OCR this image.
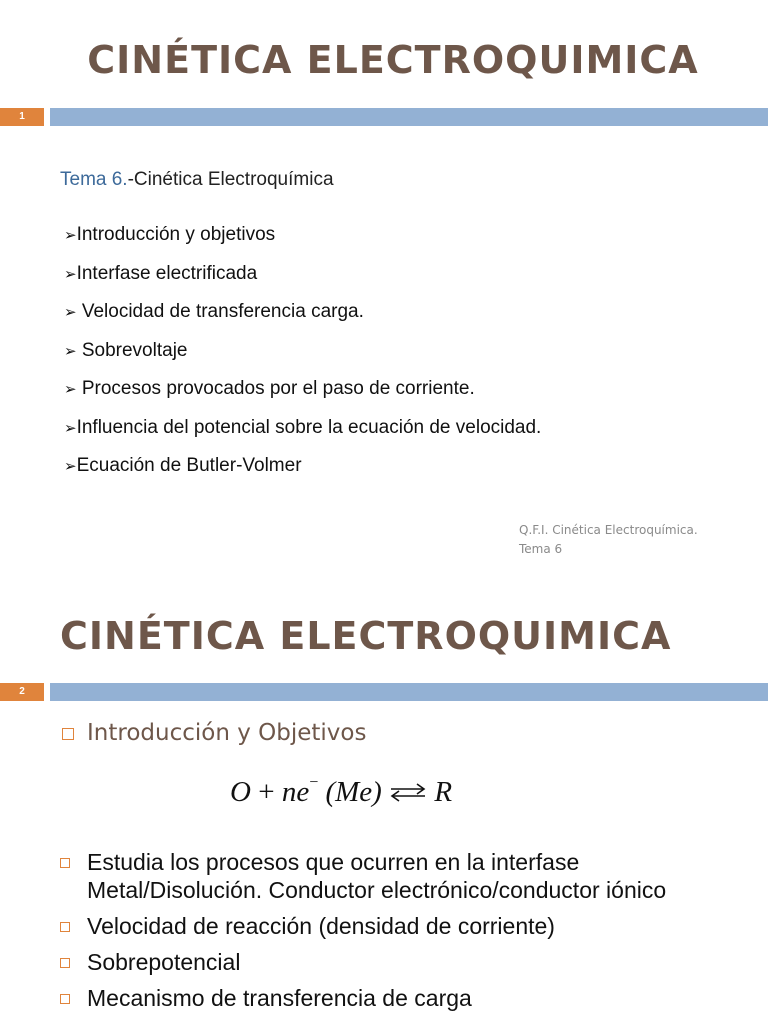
CINÉTICA ELECTROQUIMICA
1
Tema 6.-Cinética Electroquímica
➢Introducción y objetivos
➢Interfase electrificada
➢ Velocidad de transferencia carga.
➢ Sobrevoltaje
➢ Procesos provocados por el paso de corriente.
➢Influencia del potencial sobre la ecuación de velocidad.
➢Ecuación de Butler-Volmer
Q.F.I. Cinética Electroquímica.
Tema 6
CINÉTICA ELECTROQUIMICA
2
Introducción y Objetivos
O + ne− (Me) ⇌ R
Estudia los procesos que ocurren en la interfase Metal/Disolución. Conductor electrónico/conductor iónico
Velocidad de reacción (densidad de corriente)
Sobrepotencial
Mecanismo de transferencia de carga
